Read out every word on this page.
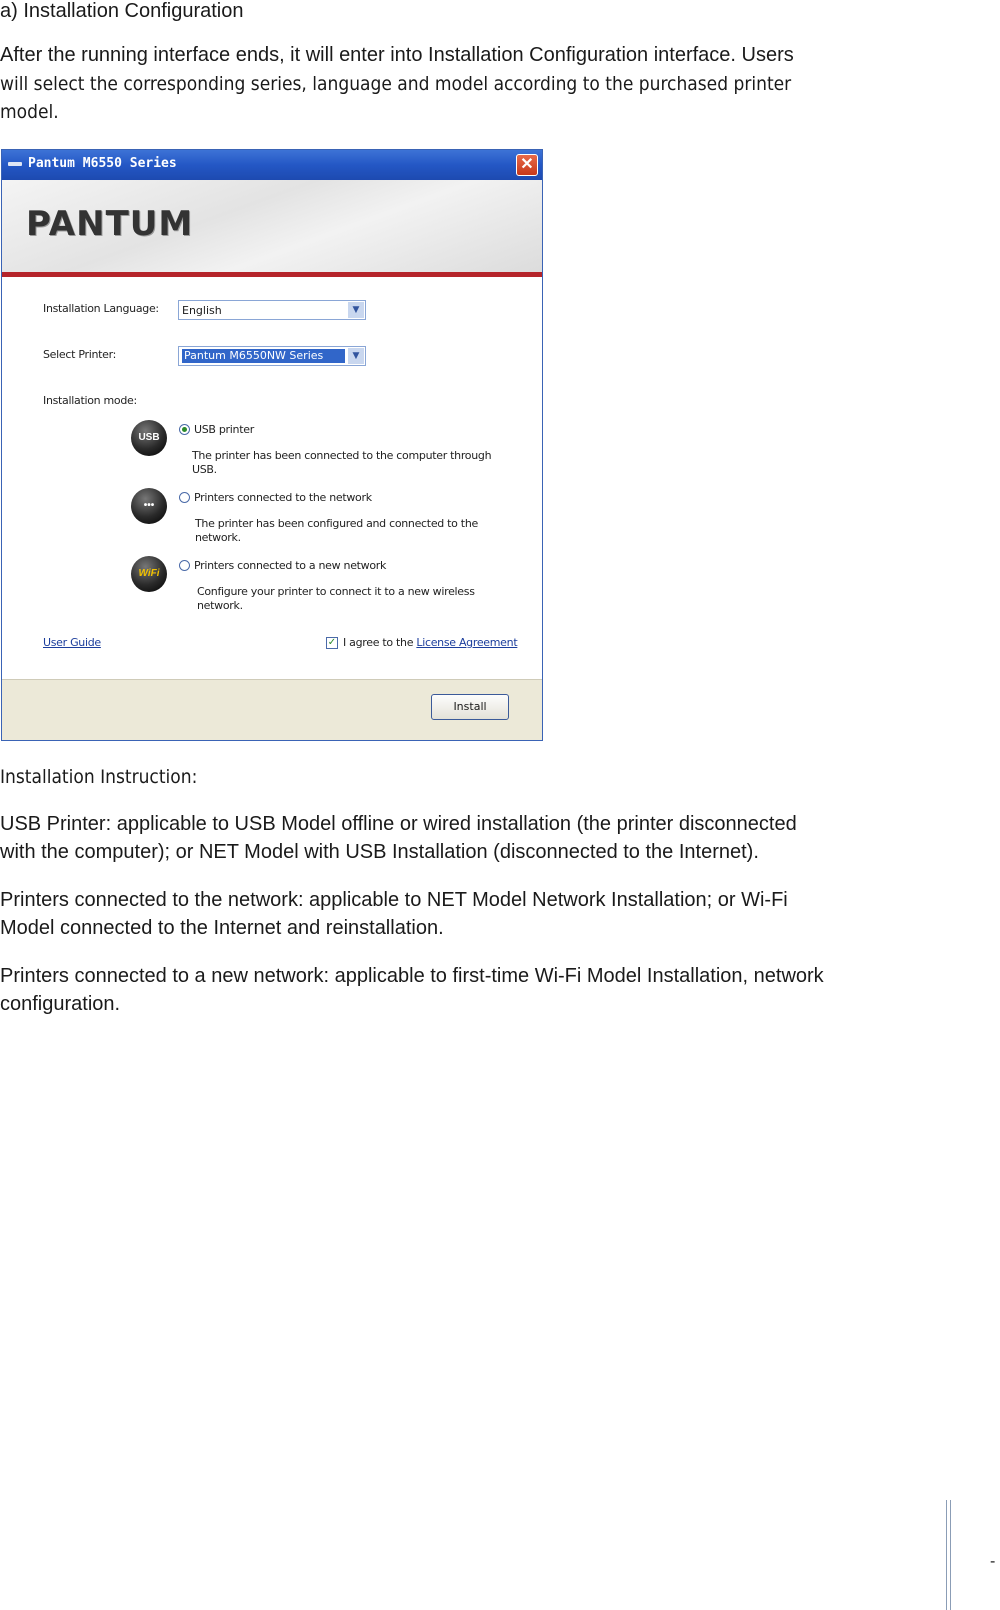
a) Installation Configuration

After the running interface ends, it will enter into Installation Configuration interface. Users

will select the corresponding series, language and model according to the purchased printer

model.

Pantum M6550 Series	✕
PANTUM
Installation Language: English	▼
Select Printer:	Pantum M6550NW Series	▼
Installation mode:
USB
USB printer
The printer has been connected to the computer through
USB.
•••
Printers connected to the network
The printer has been configured and connected to the
network.
WiFi
Printers connected to a new network
Configure your printer to connect it to a new wireless
network.
User Guide	✓ I agree to the License Agreement
Install

Installation Instruction:

USB Printer: applicable to USB Model offline or wired installation (the printer disconnected

with the computer); or NET Model with USB Installation (disconnected to the Internet).

Printers connected to the network: applicable to NET Model Network Installation; or Wi-Fi

Model connected to the Internet and reinstallation.

Printers connected to a new network: applicable to first-time Wi-Fi Model Installation, network

configuration.

-
